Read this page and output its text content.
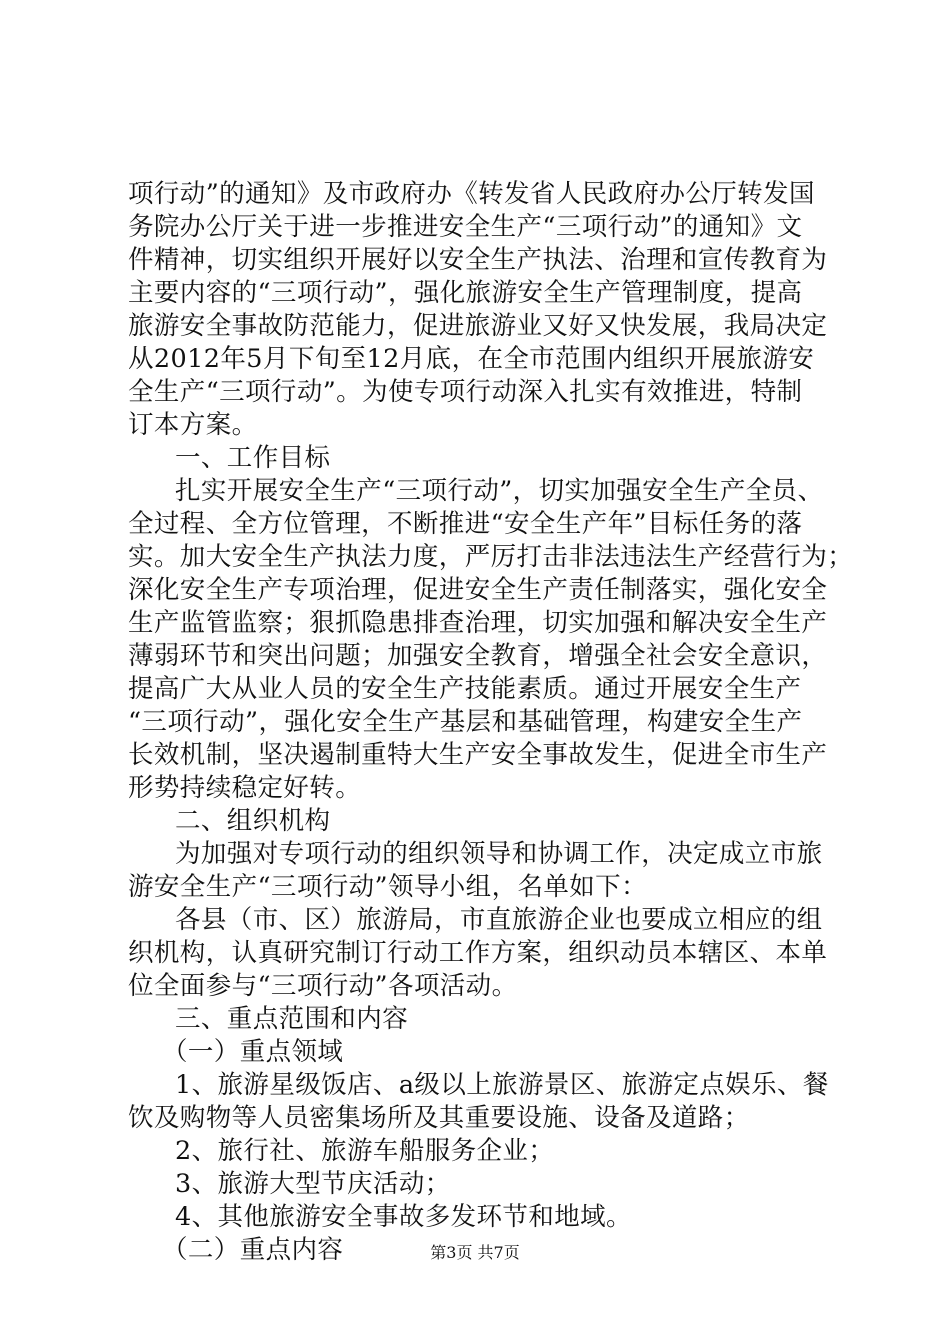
项行动”的通知》及市政府办《转发省人民政府办公厅转发国
务院办公厅关于进一步推进安全生产“三项行动”的通知》文
件精神，切实组织开展好以安全生产执法、治理和宣传教育为
主要内容的“三项行动”，强化旅游安全生产管理制度，提高
旅游安全事故防范能力，促进旅游业又好又快发展，我局决定
从2012年5月下旬至12月底，在全市范围内组织开展旅游安
全生产“三项行动”。为使专项行动深入扎实有效推进，特制
订本方案。
一、工作目标
扎实开展安全生产“三项行动”，切实加强安全生产全员、
全过程、全方位管理，不断推进“安全生产年”目标任务的落
实。加大安全生产执法力度，严厉打击非法违法生产经营行为；
深化安全生产专项治理，促进安全生产责任制落实，强化安全
生产监管监察；狠抓隐患排查治理，切实加强和解决安全生产
薄弱环节和突出问题；加强安全教育，增强全社会安全意识，
提高广大从业人员的安全生产技能素质。通过开展安全生产
“三项行动”，强化安全生产基层和基础管理，构建安全生产
长效机制，坚决遏制重特大生产安全事故发生，促进全市生产
形势持续稳定好转。
二、组织机构
为加强对专项行动的组织领导和协调工作，决定成立市旅
游安全生产“三项行动”领导小组，名单如下：
各县（市、区）旅游局，市直旅游企业也要成立相应的组
织机构，认真研究制订行动工作方案，组织动员本辖区、本单
位全面参与“三项行动”各项活动。
三、重点范围和内容
（一）重点领域
1、旅游星级饭店、a级以上旅游景区、旅游定点娱乐、餐
饮及购物等人员密集场所及其重要设施、设备及道路；
2、旅行社、旅游车船服务企业；
3、旅游大型节庆活动；
4、其他旅游安全事故多发环节和地域。
（二）重点内容	第3页 共7页
